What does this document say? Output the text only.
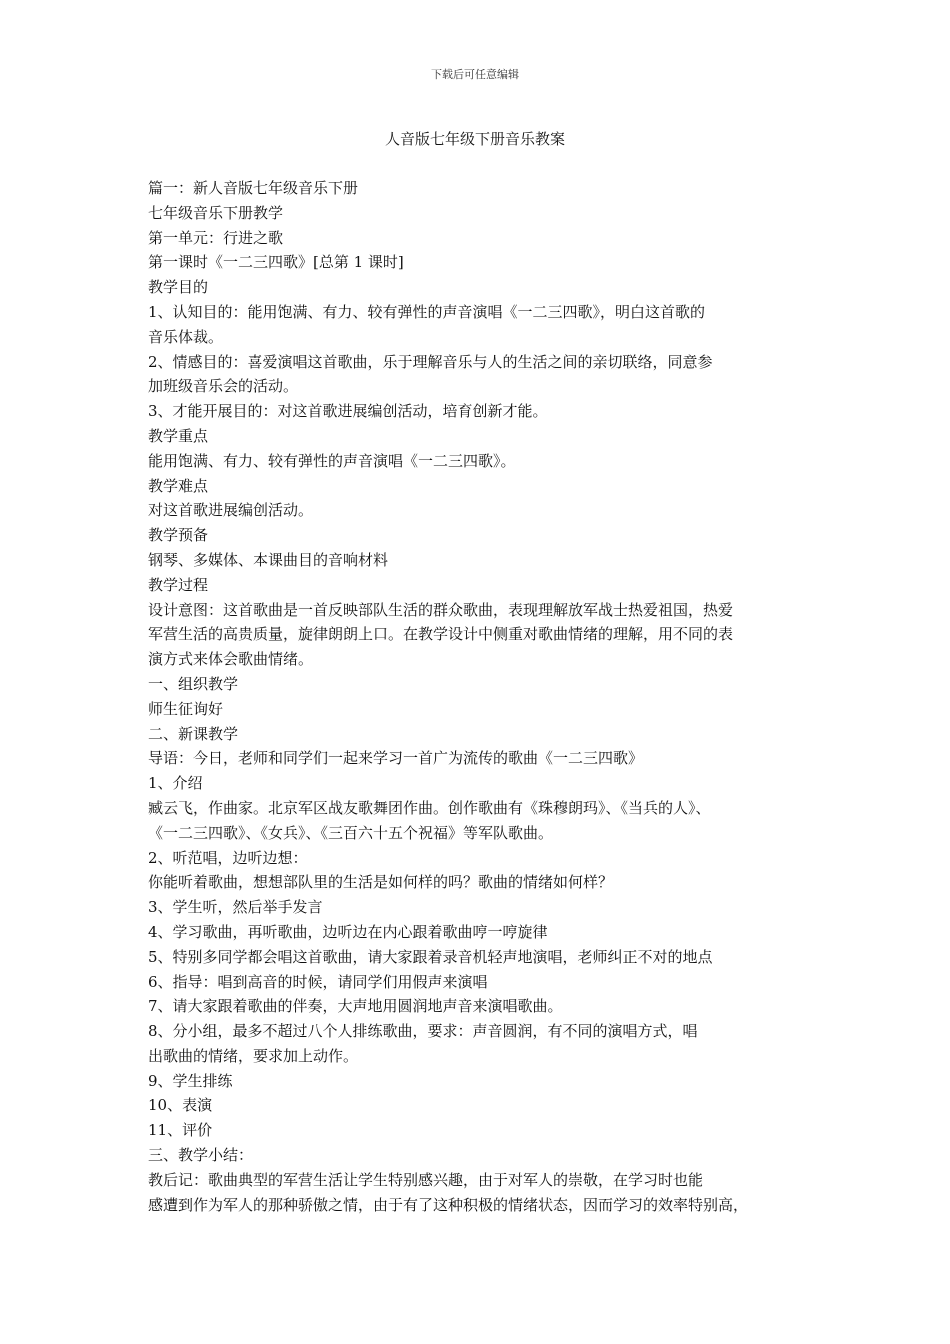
下载后可任意编辑
人音版七年级下册音乐教案
篇一：新人音版七年级音乐下册
七年级音乐下册教学
第一单元：行进之歌
第一课时《一二三四歌》[总第 1 课时]
教学目的
1、认知目的：能用饱满、有力、较有弹性的声音演唱《一二三四歌》，明白这首歌的
音乐体裁。
2、情感目的：喜爱演唱这首歌曲，乐于理解音乐与人的生活之间的亲切联络，同意参
加班级音乐会的活动。
3、才能开展目的：对这首歌进展编创活动，培育创新才能。
教学重点
能用饱满、有力、较有弹性的声音演唱《一二三四歌》。
教学难点
对这首歌进展编创活动。
教学预备
钢琴、多媒体、本课曲目的音响材料
教学过程
设计意图：这首歌曲是一首反映部队生活的群众歌曲，表现理解放军战士热爱祖国，热爱
军营生活的高贵质量，旋律朗朗上口。在教学设计中侧重对歌曲情绪的理解，用不同的表
演方式来体会歌曲情绪。
一、组织教学
师生征询好
二、新课教学
导语：今日，老师和同学们一起来学习一首广为流传的歌曲《一二三四歌》
1、介绍
臧云飞，作曲家。北京军区战友歌舞团作曲。创作歌曲有《珠穆朗玛》、《当兵的人》、
《一二三四歌》、《女兵》、《三百六十五个祝福》等军队歌曲。
2、听范唱，边听边想：
你能听着歌曲，想想部队里的生活是如何样的吗？歌曲的情绪如何样？
3、学生听，然后举手发言
4、学习歌曲，再听歌曲，边听边在内心跟着歌曲哼一哼旋律
5、特别多同学都会唱这首歌曲，请大家跟着录音机轻声地演唱，老师纠正不对的地点
6、指导：唱到高音的时候，请同学们用假声来演唱
7、请大家跟着歌曲的伴奏，大声地用圆润地声音来演唱歌曲。
8、分小组，最多不超过八个人排练歌曲，要求：声音圆润，有不同的演唱方式，唱
出歌曲的情绪，要求加上动作。
9、学生排练
10、表演
11、评价
三、教学小结：
教后记：歌曲典型的军营生活让学生特别感兴趣，由于对军人的崇敬，在学习时也能
感遭到作为军人的那种骄傲之情，由于有了这种积极的情绪状态，因而学习的效率特别高，
